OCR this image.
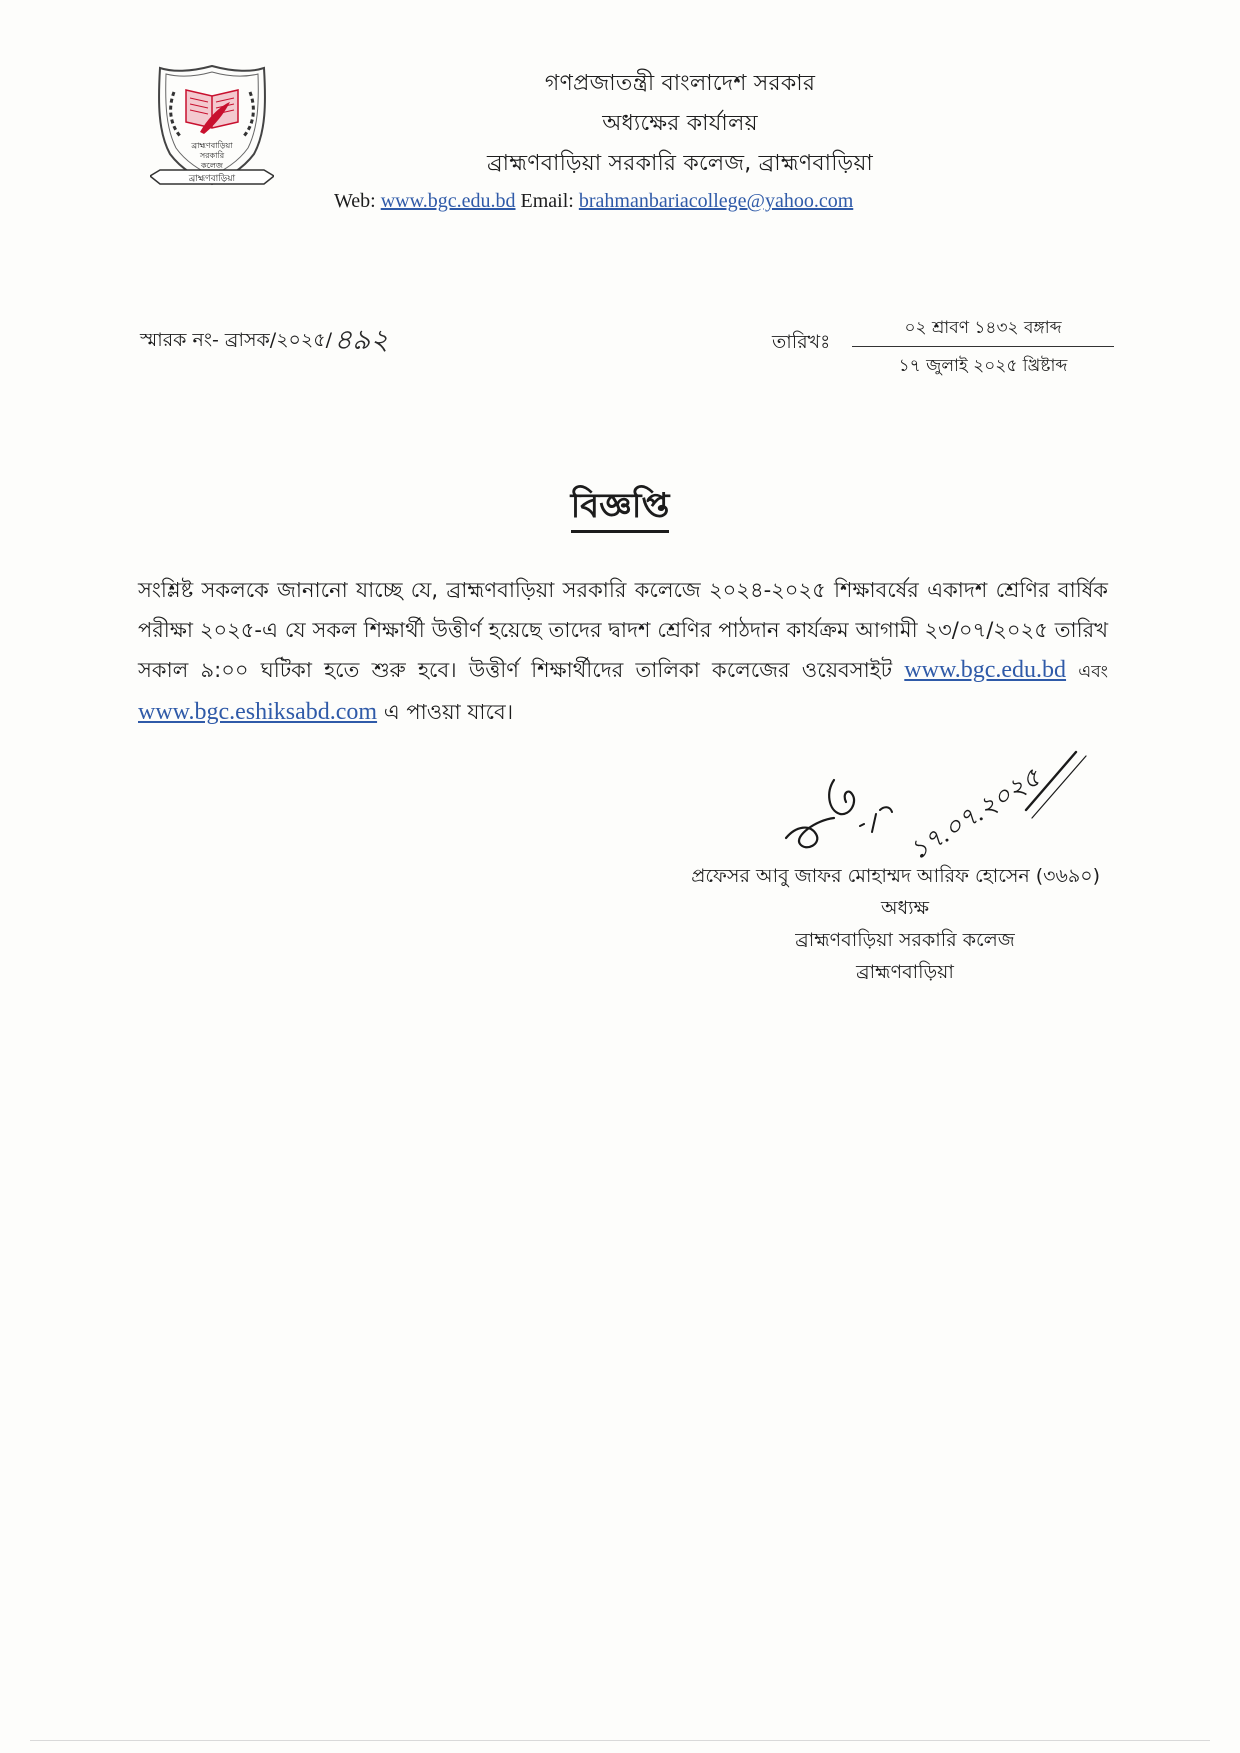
ব্রাহ্মণবাড়িয়া
সরকারি
কলেজ
ব্রাহ্মণবাড়িয়া
গণপ্রজাতন্ত্রী বাংলাদেশ সরকার
অধ্যক্ষের কার্যালয়
ব্রাহ্মণবাড়িয়া সরকারি কলেজ, ব্রাহ্মণবাড়িয়া
Web: www.bgc.edu.bd Email: brahmanbariacollege@yahoo.com
স্মারক নং- ব্রাসক/২০২৫/৪৯২	তারিখঃ
০২ শ্রাবণ ১৪৩২ বঙ্গাব্দ
১৭ জুলাই ২০২৫ খ্রিষ্টাব্দ
বিজ্ঞপ্তি
সংশ্লিষ্ট সকলকে জানানো যাচ্ছে যে, ব্রাহ্মণবাড়িয়া সরকারি কলেজে ২০২৪-২০২৫ শিক্ষাবর্ষের একাদশ শ্রেণির বার্ষিক পরীক্ষা ২০২৫-এ যে সকল শিক্ষার্থী উত্তীর্ণ হয়েছে তাদের দ্বাদশ শ্রেণির পাঠদান কার্যক্রম আগামী ২৩/০৭/২০২৫ তারিখ সকাল ৯:০০ ঘটিকা হতে শুরু হবে। উত্তীর্ণ শিক্ষার্থীদের তালিকা কলেজের ওয়েবসাইট www.bgc.edu.bd এবং www.bgc.eshiksabd.com এ পাওয়া যাবে।
১৭.০৭.২০২৫
প্রফেসর আবু জাফর মোহাম্মদ আরিফ হোসেন (৩৬৯০)
অধ্যক্ষ
ব্রাহ্মণবাড়িয়া সরকারি কলেজ
ব্রাহ্মণবাড়িয়া
